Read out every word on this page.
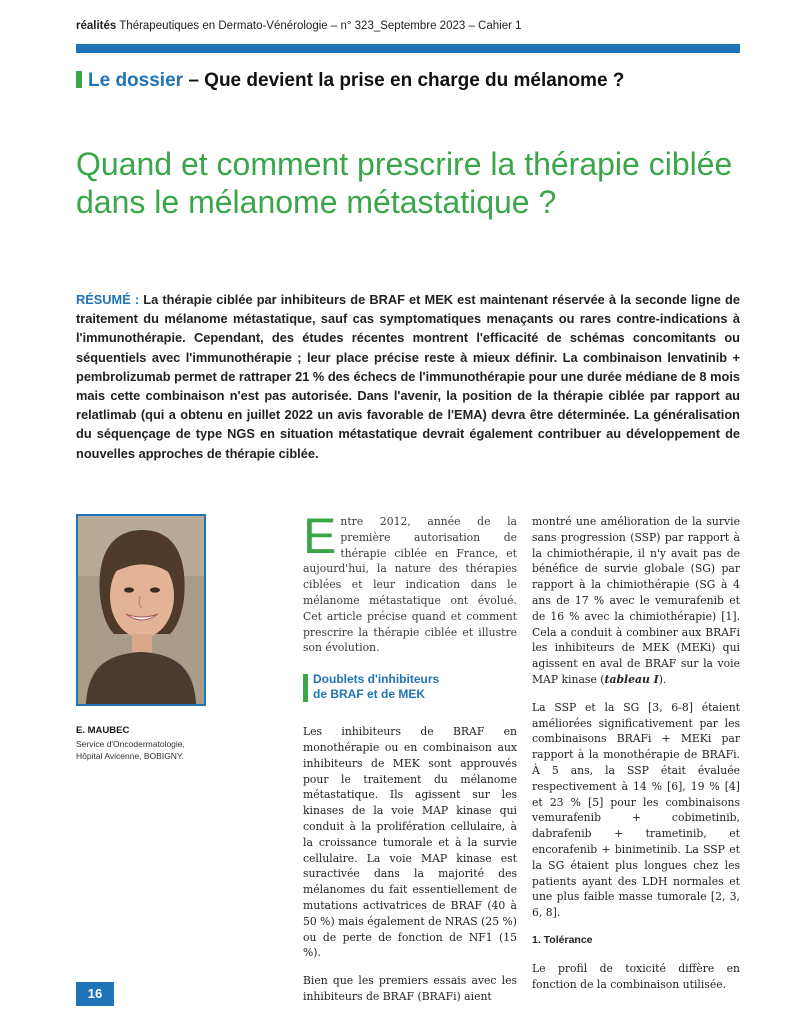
réalités Thérapeutiques en Dermato-Vénérologie – n° 323_Septembre 2023 – Cahier 1
Le dossier – Que devient la prise en charge du mélanome ?
Quand et comment prescrire la thérapie ciblée dans le mélanome métastatique ?
RÉSUMÉ : La thérapie ciblée par inhibiteurs de BRAF et MEK est maintenant réservée à la seconde ligne de traitement du mélanome métastatique, sauf cas symptomatiques menaçants ou rares contre-indications à l'immunothérapie. Cependant, des études récentes montrent l'efficacité de schémas concomitants ou séquentiels avec l'immunothérapie ; leur place précise reste à mieux définir. La combinaison lenvatinib + pembrolizumab permet de rattraper 21 % des échecs de l'immunothérapie pour une durée médiane de 8 mois mais cette combinaison n'est pas autorisée. Dans l'avenir, la position de la thérapie ciblée par rapport au relatlimab (qui a obtenu en juillet 2022 un avis favorable de l'EMA) devra être déterminée. La généralisation du séquençage de type NGS en situation métastatique devrait également contribuer au développement de nouvelles approches de thérapie ciblée.
E. MAUBEC
Service d'Oncodermatologie,
Hôpital Avicenne, BOBIGNY.

Entre 2012, année de la première autorisation de thérapie ciblée en France, et aujourd'hui, la nature des thérapies ciblées et leur indication dans le mélanome métastatique ont évolué. Cet article précise quand et comment prescrire la thérapie ciblée et illustre son évolution.

Doublets d'inhibiteurs
de BRAF et de MEK

Les inhibiteurs de BRAF en monothérapie ou en combinaison aux inhibiteurs de MEK sont approuvés pour le traitement du mélanome métastatique. Ils agissent sur les kinases de la voie MAP kinase qui conduit à la prolifération cellulaire, à la croissance tumorale et à la survie cellulaire. La voie MAP kinase est suractivée dans la majorité des mélanomes du fait essentiellement de mutations activatrices de BRAF (40 à 50 %) mais également de NRAS (25 %) ou de perte de fonction de NF1 (15 %).

Bien que les premiers essais avec les inhibiteurs de BRAF (BRAFi) aient

montré une amélioration de la survie sans progression (SSP) par rapport à la chimiothérapie, il n'y avait pas de bénéfice de survie globale (SG) par rapport à la chimiothérapie (SG à 4 ans de 17 % avec le vemurafenib et de 16 % avec la chimiothérapie) [1]. Cela a conduit à combiner aux BRAFi les inhibiteurs de MEK (MEKi) qui agissent en aval de BRAF sur la voie MAP kinase (tableau I).

La SSP et la SG [3, 6-8] étaient améliorées significativement par les combinaisons BRAFi + MEKi par rapport à la monothérapie de BRAFi. À 5 ans, la SSP était évaluée respectivement à 14 % [6], 19 % [4] et 23 % [5] pour les combinaisons vemurafenib + cobimetinib, dabrafenib + trametinib, et encorafenib + binimetinib. La SSP et la SG étaient plus longues chez les patients ayant des LDH normales et une plus faible masse tumorale [2, 3, 6, 8].

1. Tolérance

Le profil de toxicité diffère en fonction de la combinaison utilisée.

16
